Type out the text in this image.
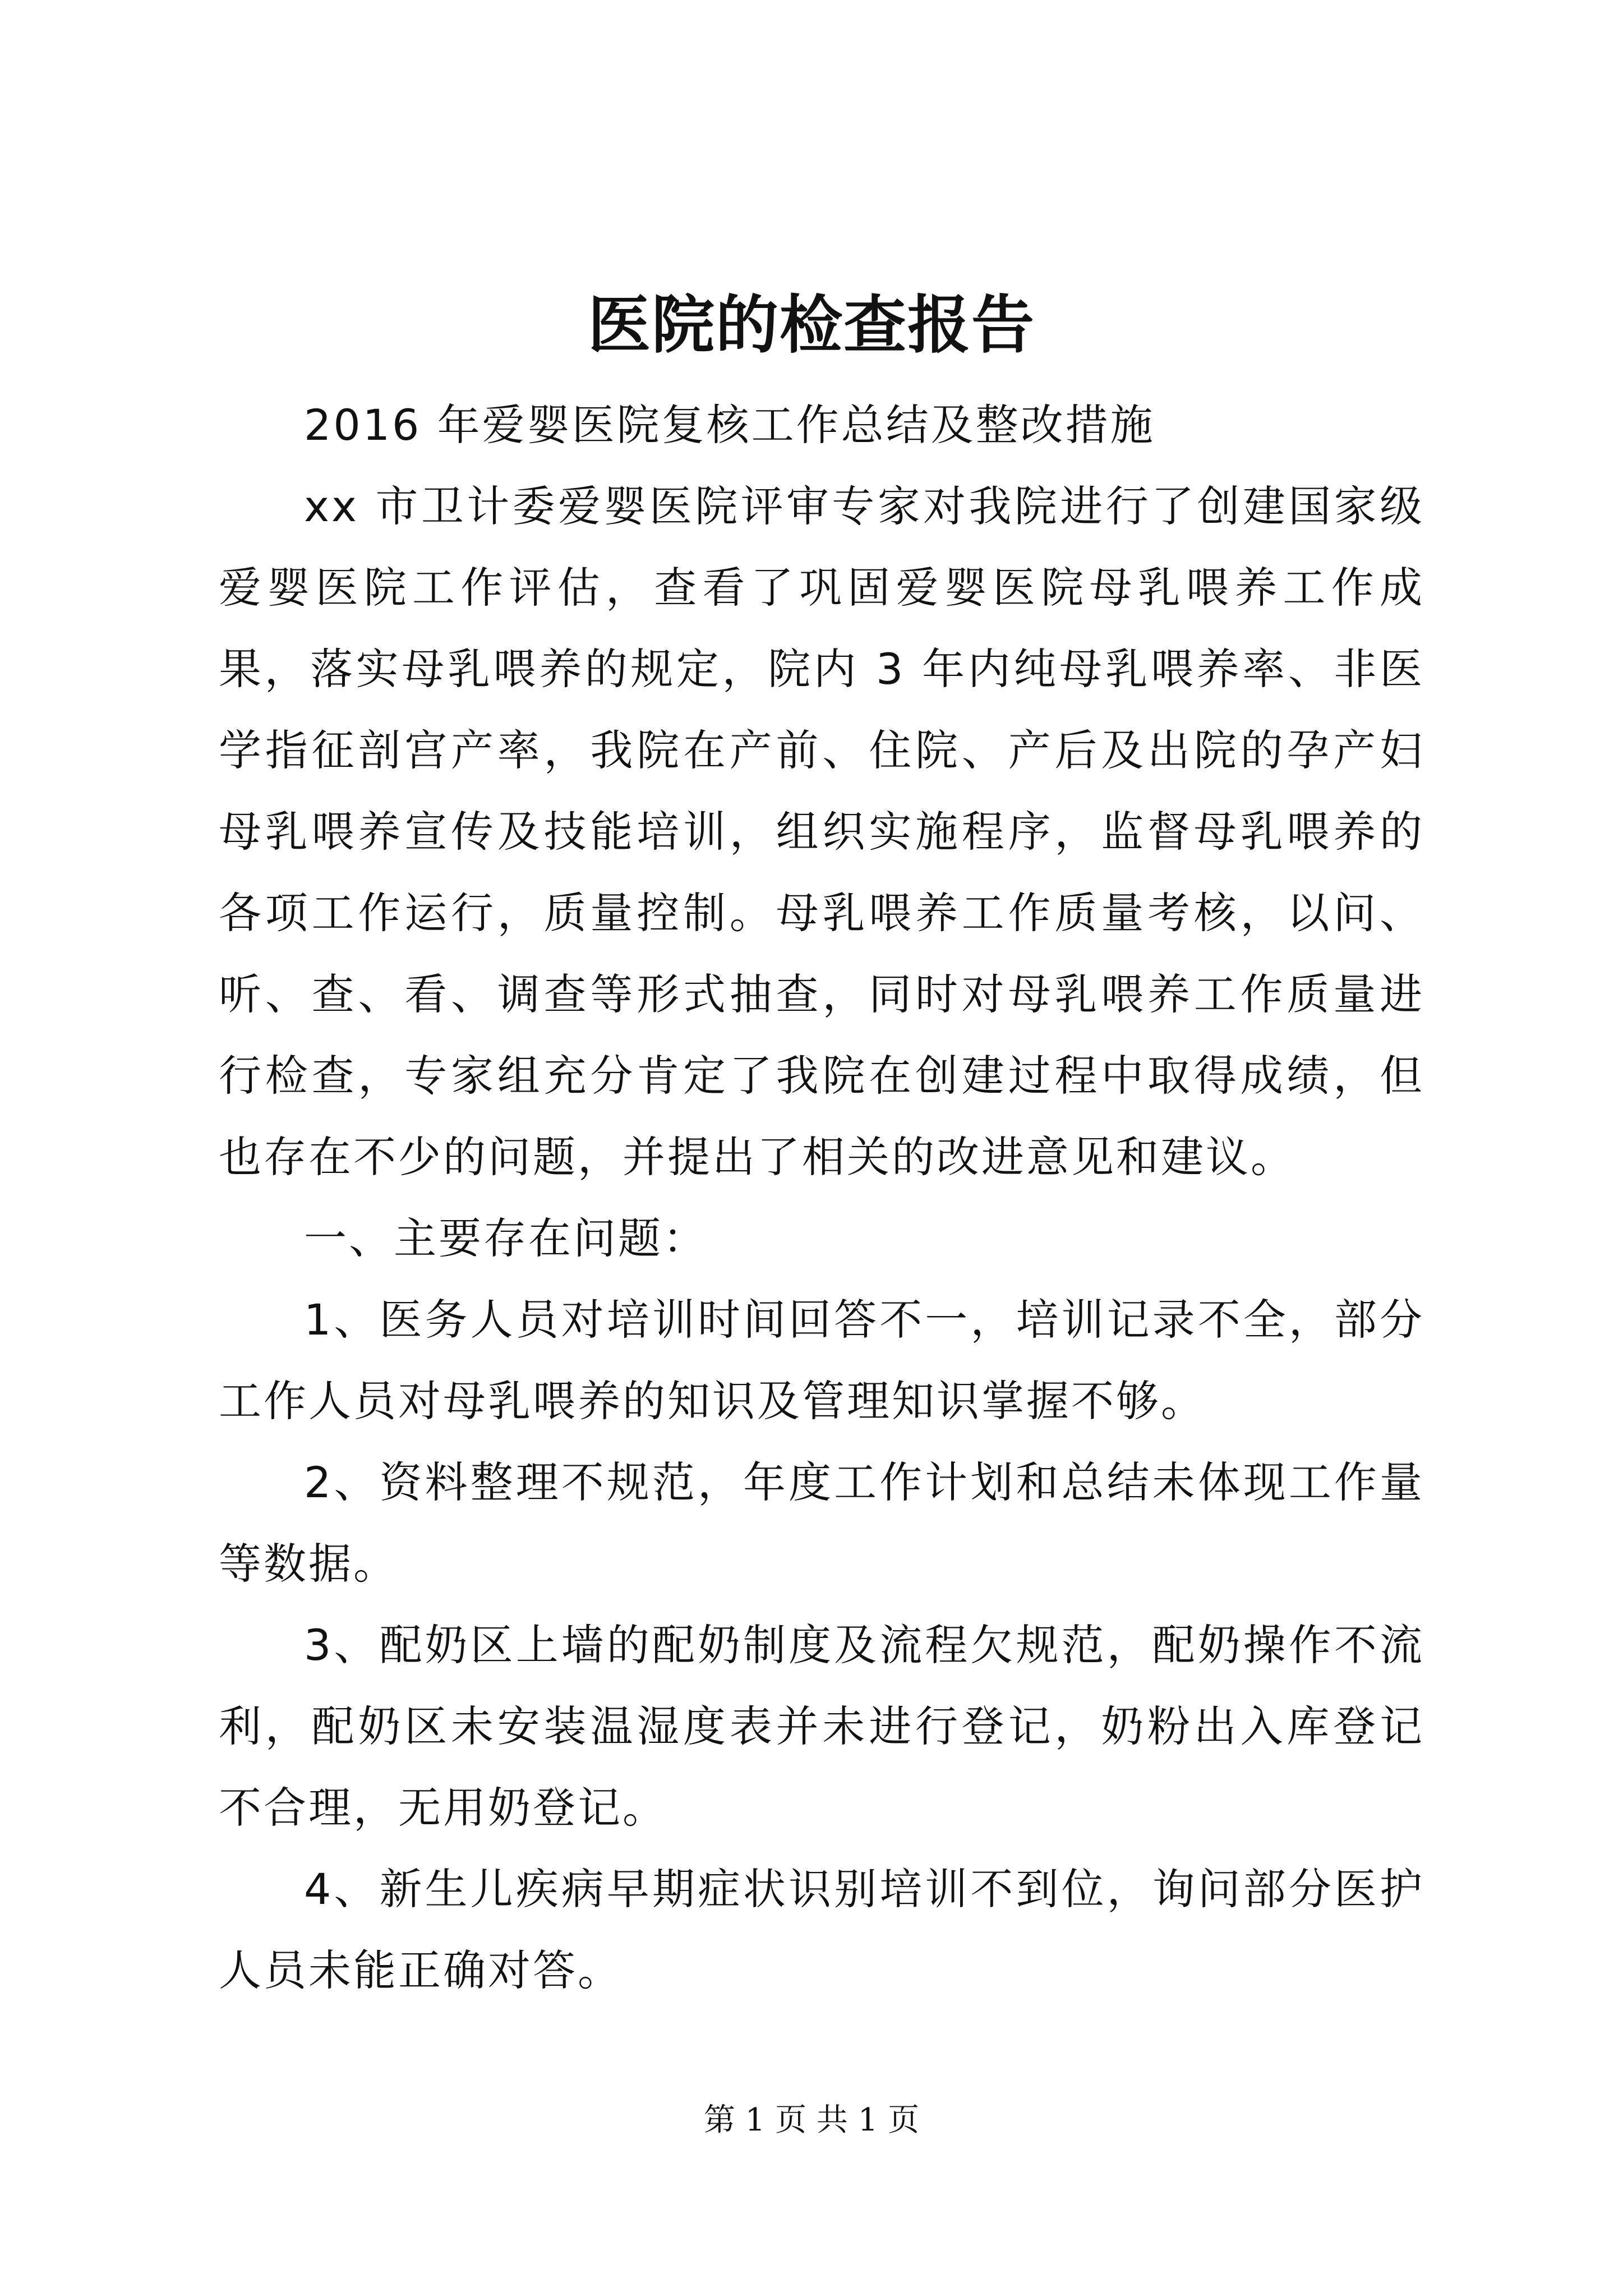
医院的检查报告

2016 年爱婴医院复核工作总结及整改措施

xx 市卫计委爱婴医院评审专家对我院进行了创建国家级爱婴医院工作评估，查看了巩固爱婴医院母乳喂养工作成果，落实母乳喂养的规定，院内 3 年内纯母乳喂养率、非医学指征剖宫产率，我院在产前、住院、产后及出院的孕产妇母乳喂养宣传及技能培训，组织实施程序，监督母乳喂养的各项工作运行，质量控制。母乳喂养工作质量考核，以问、听、查、看、调查等形式抽查，同时对母乳喂养工作质量进行检查，专家组充分肯定了我院在创建过程中取得成绩，但也存在不少的问题，并提出了相关的改进意见和建议。

一、主要存在问题：

1、医务人员对培训时间回答不一，培训记录不全，部分工作人员对母乳喂养的知识及管理知识掌握不够。

2、资料整理不规范，年度工作计划和总结未体现工作量等数据。

3、配奶区上墙的配奶制度及流程欠规范，配奶操作不流利，配奶区未安装温湿度表并未进行登记，奶粉出入库登记不合理，无用奶登记。

4、新生儿疾病早期症状识别培训不到位，询问部分医护人员未能正确对答。

第 1 页 共 1 页
